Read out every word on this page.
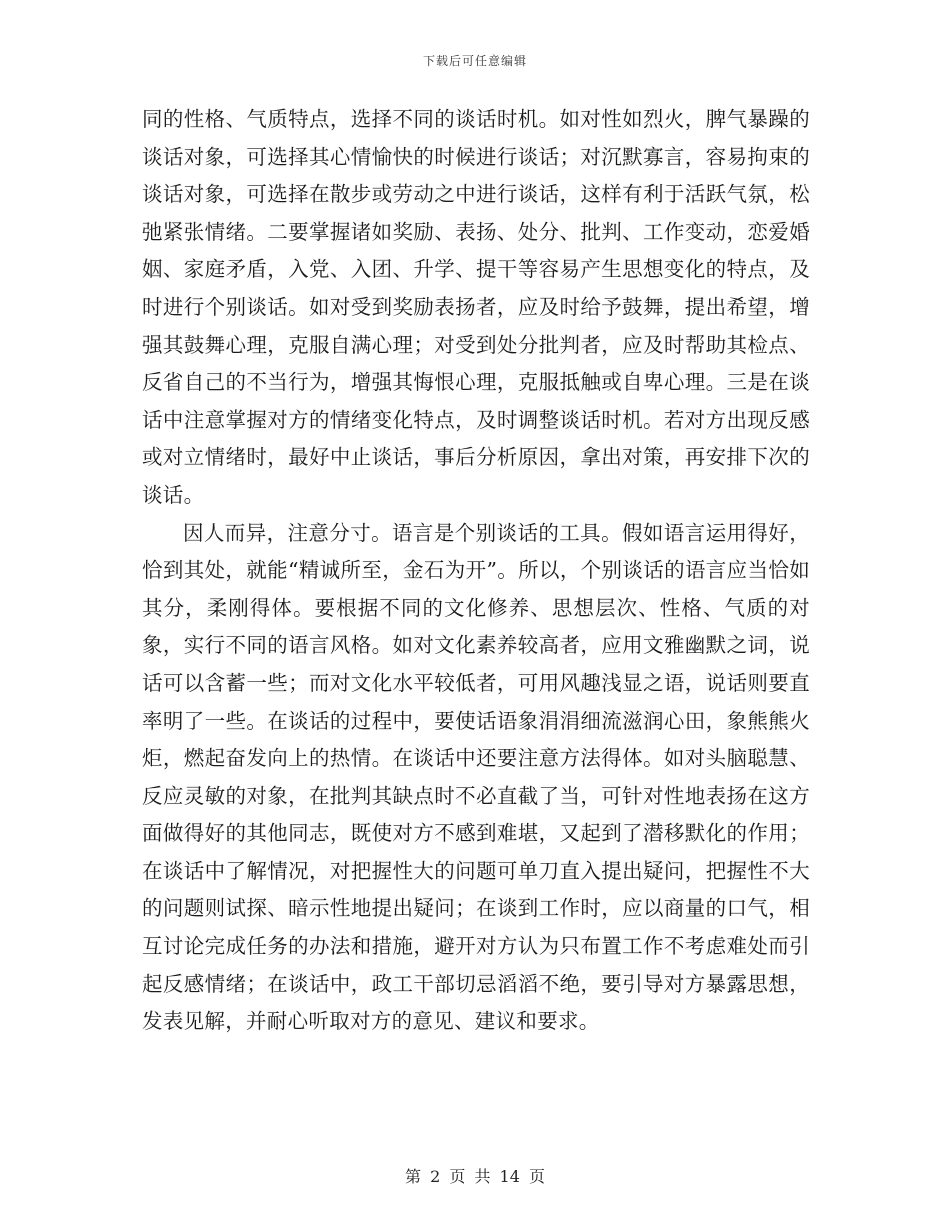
下载后可任意编辑

同的性格、气质特点，选择不同的谈话时机。如对性如烈火，脾气暴躁的谈话对象，可选择其心情愉快的时候进行谈话；对沉默寡言，容易拘束的谈话对象，可选择在散步或劳动之中进行谈话，这样有利于活跃气氛，松弛紧张情绪。二要掌握诸如奖励、表扬、处分、批判、工作变动，恋爱婚姻、家庭矛盾，入党、入团、升学、提干等容易产生思想变化的特点，及时进行个别谈话。如对受到奖励表扬者，应及时给予鼓舞，提出希望，增强其鼓舞心理，克服自满心理；对受到处分批判者，应及时帮助其检点、反省自己的不当行为，增强其悔恨心理，克服抵触或自卑心理。三是在谈话中注意掌握对方的情绪变化特点，及时调整谈话时机。若对方出现反感或对立情绪时，最好中止谈话，事后分析原因，拿出对策，再安排下次的谈话。

因人而异，注意分寸。语言是个别谈话的工具。假如语言运用得好，恰到其处，就能“精诚所至，金石为开”。所以，个别谈话的语言应当恰如其分，柔刚得体。要根据不同的文化修养、思想层次、性格、气质的对象，实行不同的语言风格。如对文化素养较高者，应用文雅幽默之词，说话可以含蓄一些；而对文化水平较低者，可用风趣浅显之语，说话则要直率明了一些。在谈话的过程中，要使话语象涓涓细流滋润心田，象熊熊火炬，燃起奋发向上的热情。在谈话中还要注意方法得体。如对头脑聪慧、反应灵敏的对象，在批判其缺点时不必直截了当，可针对性地表扬在这方面做得好的其他同志，既使对方不感到难堪，又起到了潜移默化的作用；在谈话中了解情况，对把握性大的问题可单刀直入提出疑问，把握性不大的问题则试探、暗示性地提出疑问；在谈到工作时，应以商量的口气，相互讨论完成任务的办法和措施，避开对方认为只布置工作不考虑难处而引起反感情绪；在谈话中，政工干部切忌滔滔不绝，要引导对方暴露思想，发表见解，并耐心听取对方的意见、建议和要求。

第 2 页 共 14 页
